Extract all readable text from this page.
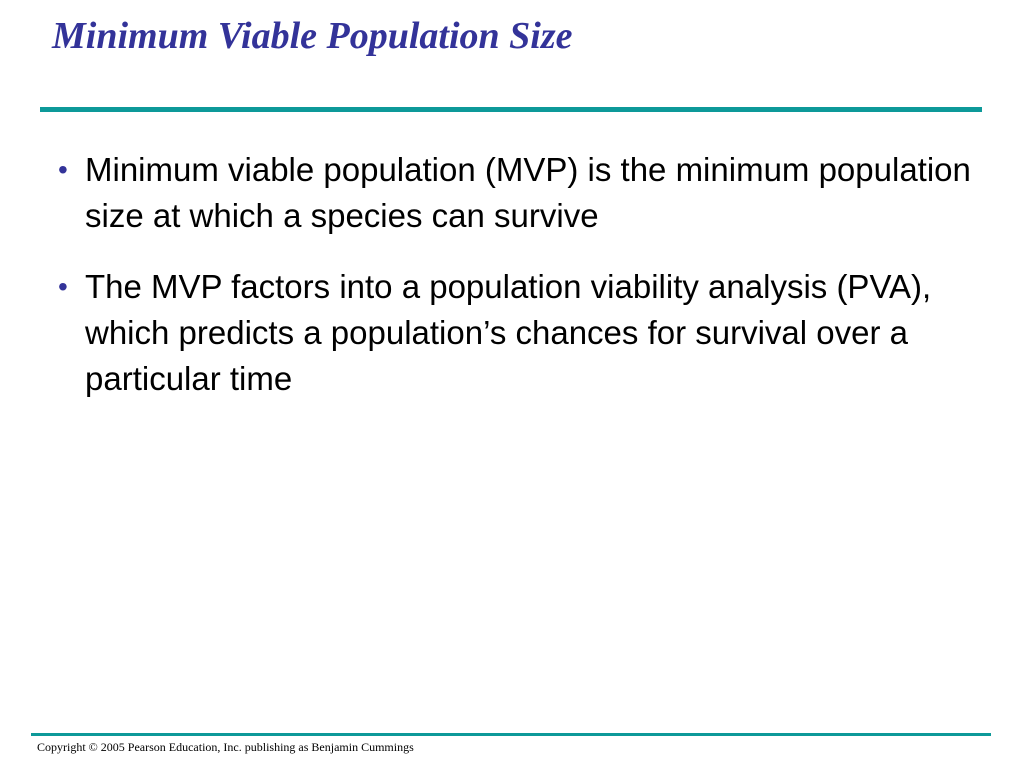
Minimum Viable Population Size
• Minimum viable population (MVP) is the minimum population size at which a species can survive
• The MVP factors into a population viability analysis (PVA), which predicts a population’s chances for survival over a particular time
Copyright © 2005 Pearson Education, Inc. publishing as Benjamin Cummings
